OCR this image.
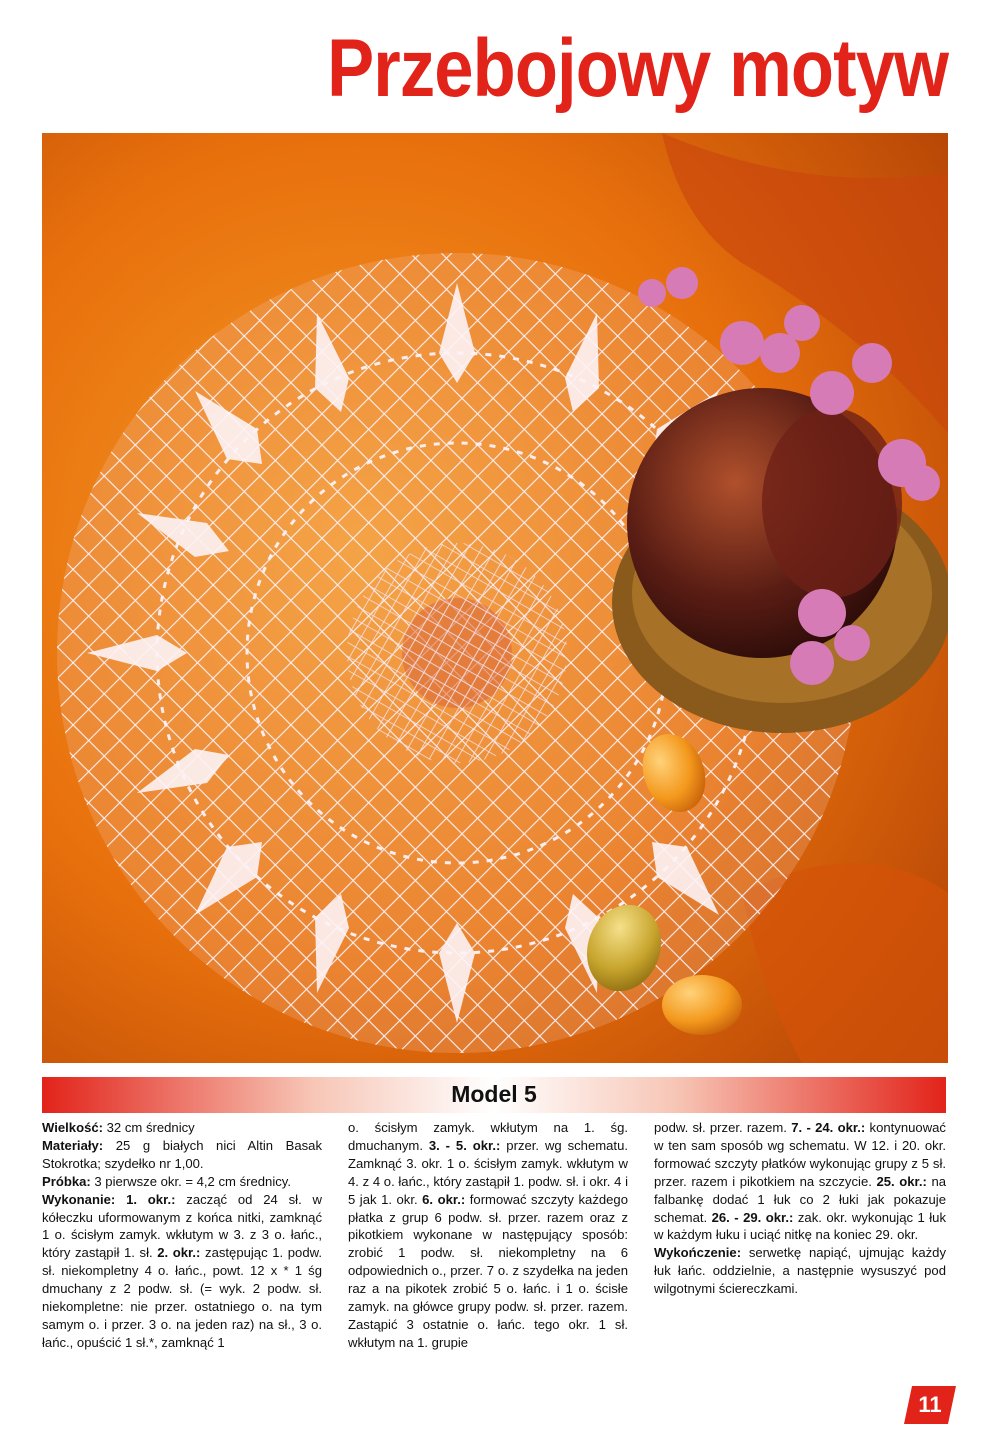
Przebojowy motyw
Model 5

Wielkość: 32 cm średnicy
Materiały: 25 g białych nici Altin Basak Stokrotka; szydełko nr 1,00.
Próbka: 3 pierwsze okr. = 4,2 cm średnicy.
Wykonanie: 1. okr.: zacząć od 24 sł. w kółeczku uformowanym z końca nitki, zamknąć 1 o. ścisłym zamyk. wkłutym w 3. z 3 o. łańc., który zastąpił 1. sł. 2. okr.: zastępując 1. podw. sł. niekompletny 4 o. łańc., powt. 12 x * 1 śg dmuchany z 2 podw. sł. (= wyk. 2 podw. sł. niekompletne: nie przer. ostatniego o. na tym samym o. i przer. 3 o. na jeden raz) na sł., 3 o. łańc., opuścić 1 sł.*, zamknąć 1

o. ścisłym zamyk. wkłutym na 1. śg. dmuchanym. 3. - 5. okr.: przer. wg schematu. Zamknąć 3. okr. 1 o. ścisłym zamyk. wkłutym w 4. z 4 o. łańc., który zastąpił 1. podw. sł. i okr. 4 i 5 jak 1. okr. 6. okr.: formować szczyty każdego płatka z grup 6 podw. sł. przer. razem oraz z pikotkiem wykonane w następujący sposób: zrobić 1 podw. sł. niekompletny na 6 odpowiednich o., przer. 7 o. z szydełka na jeden raz a na pikotek zrobić 5 o. łańc. i 1 o. ścisłe zamyk. na główce grupy podw. sł. przer. razem. Zastąpić 3 ostatnie o. łańc. tego okr. 1 sł. wkłutym na 1. grupie

podw. sł. przer. razem. 7. - 24. okr.: kontynuować w ten sam sposób wg schematu. W 12. i 20. okr. formować szczyty płatków wykonując grupy z 5 sł. przer. razem i pikotkiem na szczycie. 25. okr.: na falbankę dodać 1 łuk co 2 łuki jak pokazuje schemat. 26. - 29. okr.: zak. okr. wykonując 1 łuk w każdym łuku i uciąć nitkę na koniec 29. okr.
Wykończenie: serwetkę napiąć, ujmując każdy łuk łańc. oddzielnie, a następnie wysuszyć pod wilgotnymi ściereczkami.

11
